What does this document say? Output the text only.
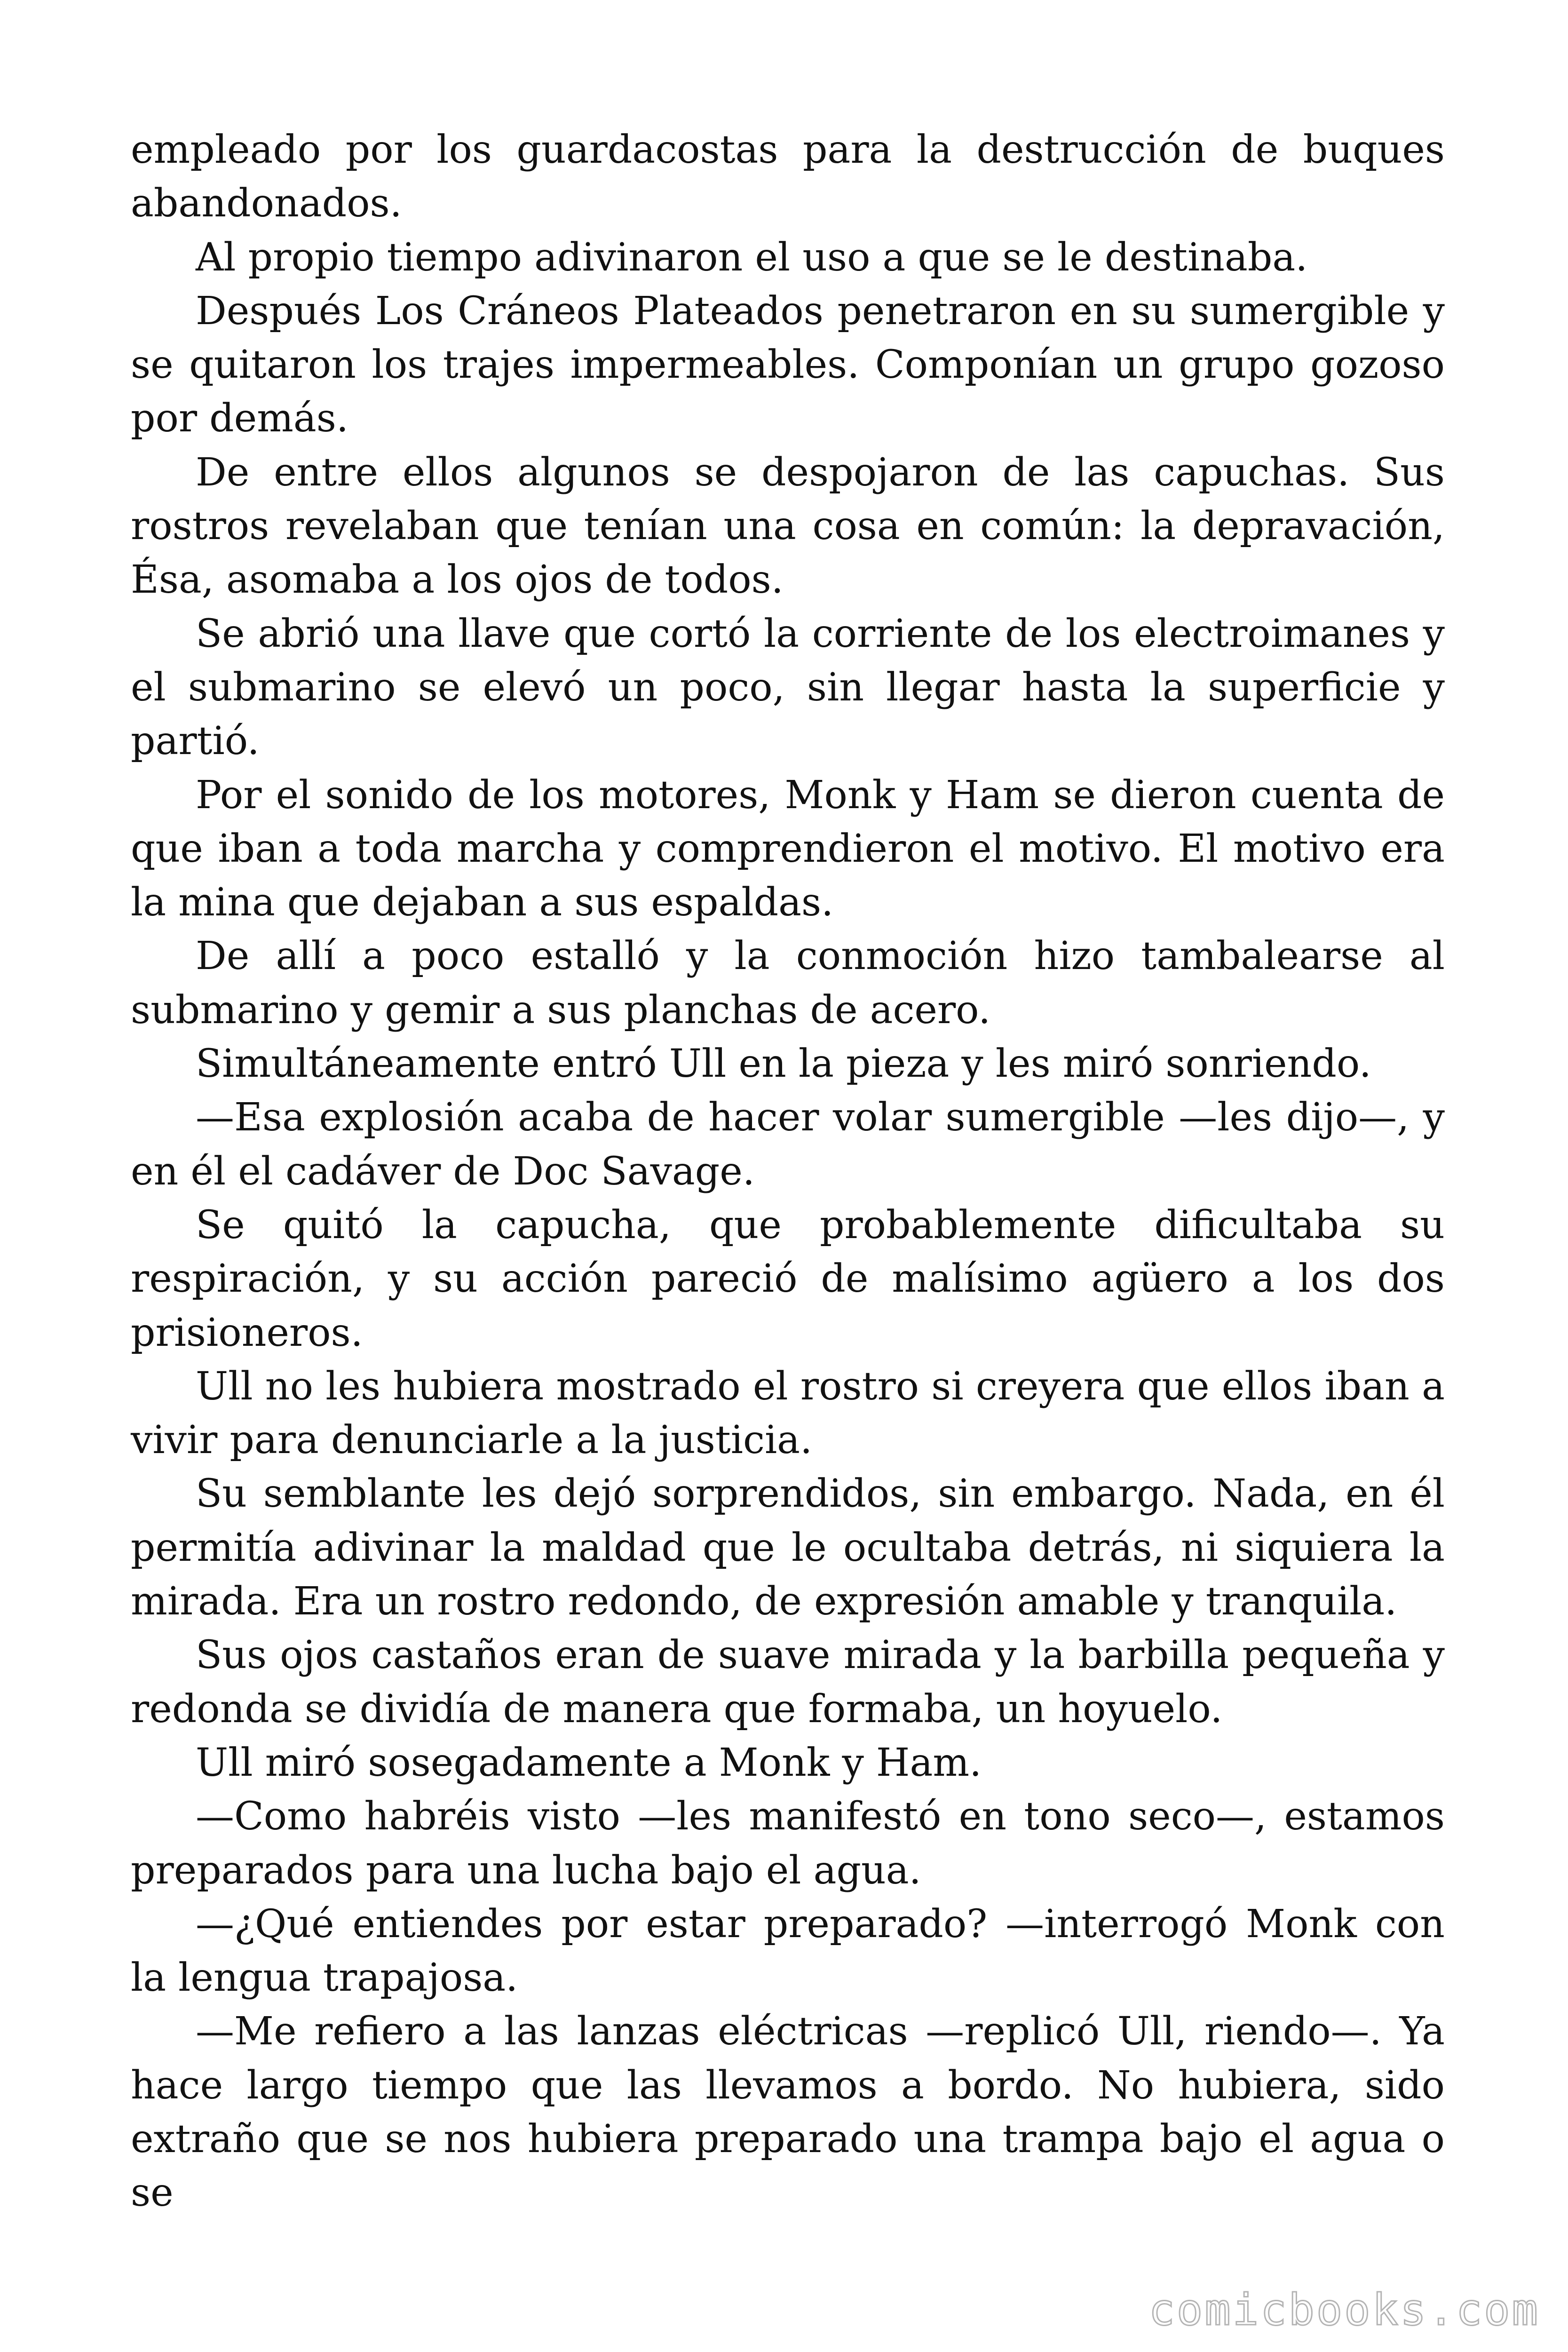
empleado por los guardacostas para la destrucción de buques abandonados.

Al propio tiempo adivinaron el uso a que se le destinaba.

Después Los Cráneos Plateados penetraron en su sumergible y se quitaron los trajes impermeables. Componían un grupo gozoso por demás.

De entre ellos algunos se despojaron de las capuchas. Sus rostros revelaban que tenían una cosa en común: la depravación, Ésa, asomaba a los ojos de todos.

Se abrió una llave que cortó la corriente de los electroimanes y el submarino se elevó un poco, sin llegar hasta la superficie y partió.

Por el sonido de los motores, Monk y Ham se dieron cuenta de que iban a toda marcha y comprendieron el motivo. El motivo era la mina que dejaban a sus espaldas.

De allí a poco estalló y la conmoción hizo tambalearse al submarino y gemir a sus planchas de acero.

Simultáneamente entró Ull en la pieza y les miró sonriendo.

—Esa explosión acaba de hacer volar sumergible —les dijo—, y en él el cadáver de Doc Savage.

Se quitó la capucha, que probablemente dificultaba su respiración, y su acción pareció de malísimo agüero a los dos prisioneros.

Ull no les hubiera mostrado el rostro si creyera que ellos iban a vivir para denunciarle a la justicia.

Su semblante les dejó sorprendidos, sin embargo. Nada, en él permitía adivinar la maldad que le ocultaba detrás, ni siquiera la mirada. Era un rostro redondo, de expresión amable y tranquila.

Sus ojos castaños eran de suave mirada y la barbilla pequeña y redonda se dividía de manera que formaba, un hoyuelo.

Ull miró sosegadamente a Monk y Ham.

—Como habréis visto —les manifestó en tono seco—, estamos preparados para una lucha bajo el agua.

—¿Qué entiendes por estar preparado? —interrogó Monk con la lengua trapajosa.

—Me refiero a las lanzas eléctricas —replicó Ull, riendo—. Ya hace largo tiempo que las llevamos a bordo. No hubiera, sido extraño que se nos hubiera preparado una trampa bajo el agua o se

comicbooks.com
